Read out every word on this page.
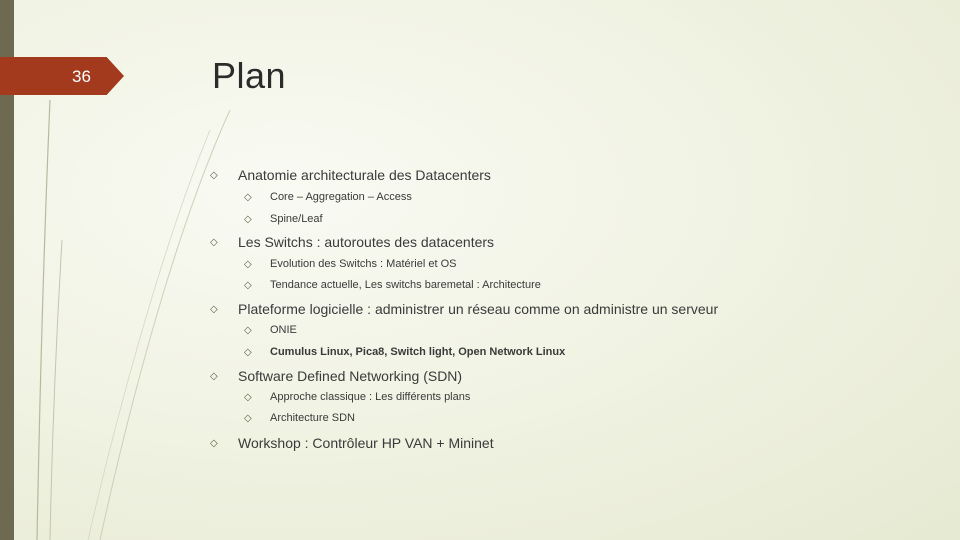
36	Plan
◇	Anatomie architecturale des Datacenters
◇	Core – Aggregation – Access
◇	Spine/Leaf
◇	Les Switchs : autoroutes des datacenters
◇	Evolution des Switchs : Matériel et OS
◇	Tendance actuelle, Les switchs baremetal : Architecture
◇	Plateforme logicielle : administrer un réseau comme on administre un serveur
◇	ONIE
◇	Cumulus Linux, Pica8, Switch light, Open Network Linux
◇	Software Defined Networking (SDN)
◇	Approche classique : Les différents plans
◇	Architecture SDN
◇	Workshop : Contrôleur HP VAN + Mininet
